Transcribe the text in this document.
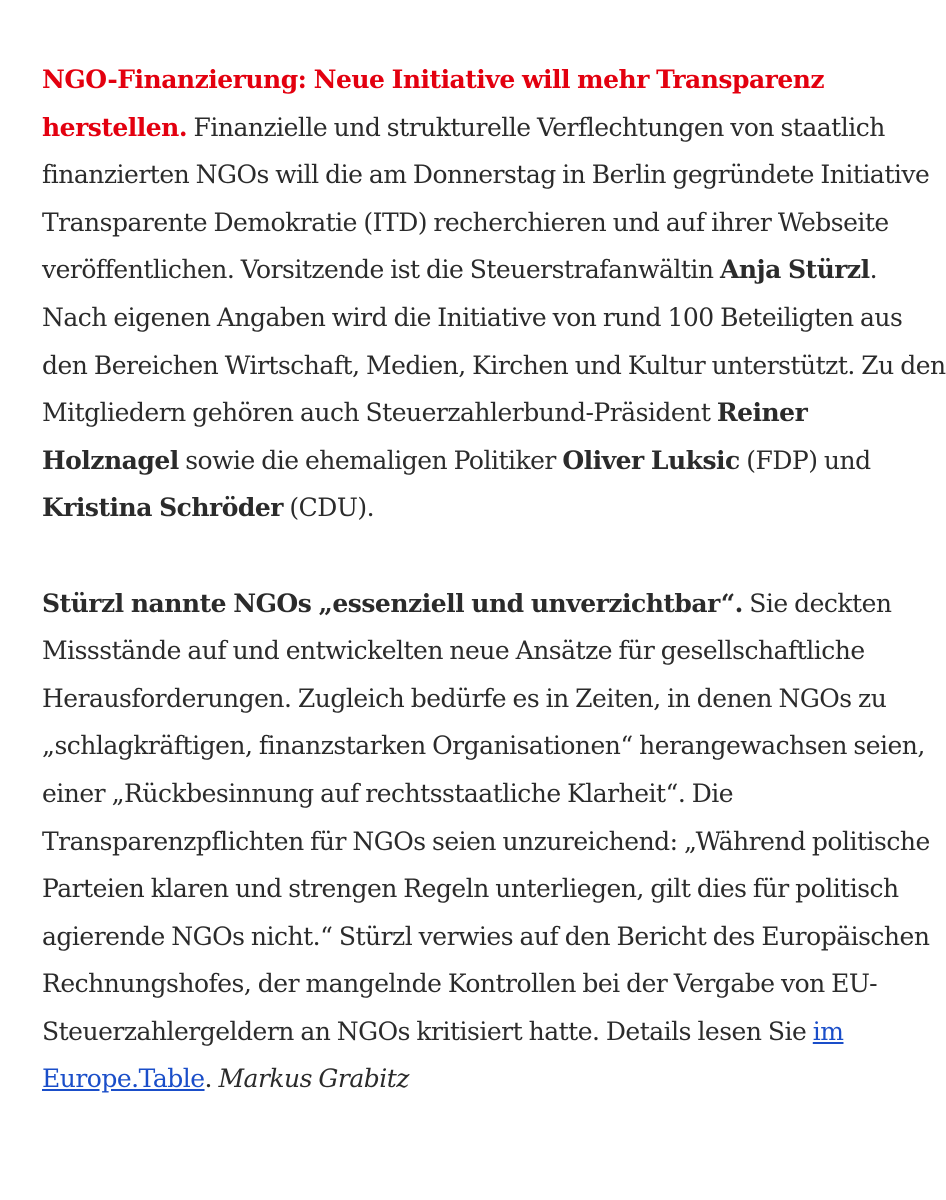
NGO-Finanzierung: Neue Initiative will mehr Transparenz herstellen. Finanzielle und strukturelle Verflechtungen von staatlich finanzierten NGOs will die am Donnerstag in Berlin gegründete Initiative Transparente Demokratie (ITD) recherchieren und auf ihrer Webseite veröffentlichen. Vorsitzende ist die Steuerstrafanwältin Anja Stürzl. Nach eigenen Angaben wird die Initiative von rund 100 Beteiligten aus den Bereichen Wirtschaft, Medien, Kirchen und Kultur unterstützt. Zu den Mitgliedern gehören auch Steuerzahlerbund-Präsident Reiner Holznagel sowie die ehemaligen Politiker Oliver Luksic (FDP) und Kristina Schröder (CDU).

Stürzl nannte NGOs „essenziell und unverzichtbar“. Sie deckten Missstände auf und entwickelten neue Ansätze für gesellschaftliche Herausforderungen. Zugleich bedürfe es in Zeiten, in denen NGOs zu „schlagkräftigen, finanzstarken Organisationen“ herangewachsen seien, einer „Rückbesinnung auf rechtsstaatliche Klarheit“. Die Transparenzpflichten für NGOs seien unzureichend: „Während politische Parteien klaren und strengen Regeln unterliegen, gilt dies für politisch agierende NGOs nicht.“ Stürzl verwies auf den Bericht des Europäischen Rechnungshofes, der mangelnde Kontrollen bei der Vergabe von EU-Steuerzahlergeldern an NGOs kritisiert hatte. Details lesen Sie im Europe.Table. Markus Grabitz
